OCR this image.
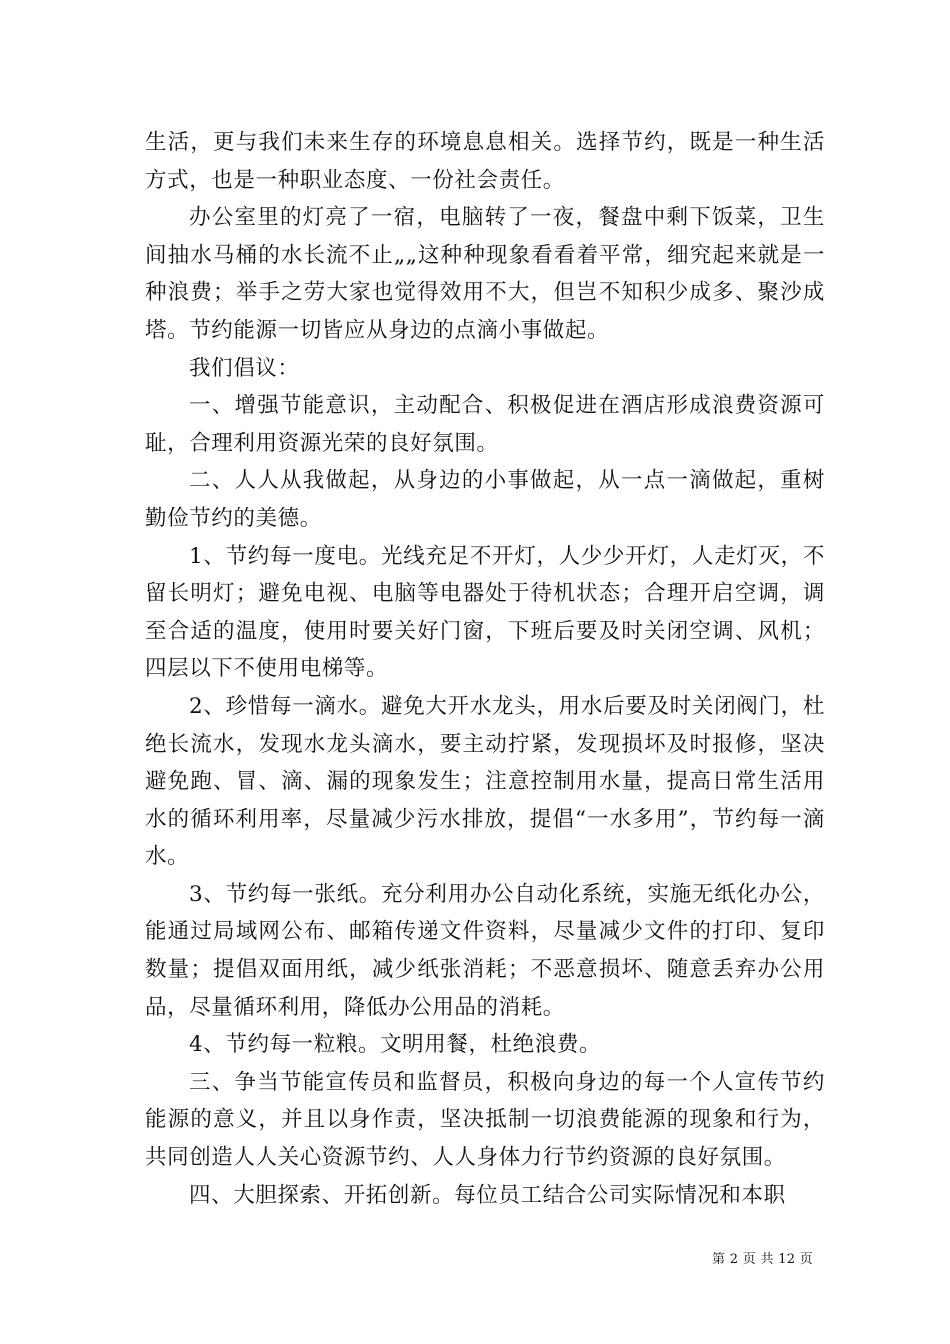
生活，更与我们未来生存的环境息息相关。选择节约，既是一种生活方式，也是一种职业态度、一份社会责任。

办公室里的灯亮了一宿，电脑转了一夜，餐盘中剩下饭菜，卫生间抽水马桶的水长流不止„„这种种现象看看着平常，细究起来就是一种浪费；举手之劳大家也觉得效用不大，但岂不知积少成多、聚沙成塔。节约能源一切皆应从身边的点滴小事做起。

我们倡议：

一、增强节能意识，主动配合、积极促进在酒店形成浪费资源可耻，合理利用资源光荣的良好氛围。

二、人人从我做起，从身边的小事做起，从一点一滴做起，重树勤俭节约的美德。

1、节约每一度电。光线充足不开灯，人少少开灯，人走灯灭，不留长明灯；避免电视、电脑等电器处于待机状态；合理开启空调，调至合适的温度，使用时要关好门窗，下班后要及时关闭空调、风机；四层以下不使用电梯等。

2、珍惜每一滴水。避免大开水龙头，用水后要及时关闭阀门，杜绝长流水，发现水龙头滴水，要主动拧紧，发现损坏及时报修，坚决避免跑、冒、滴、漏的现象发生；注意控制用水量，提高日常生活用水的循环利用率，尽量减少污水排放，提倡“一水多用”，节约每一滴水。

3、节约每一张纸。充分利用办公自动化系统，实施无纸化办公，能通过局域网公布、邮箱传递文件资料，尽量减少文件的打印、复印数量；提倡双面用纸，减少纸张消耗；不恶意损坏、随意丢弃办公用品，尽量循环利用，降低办公用品的消耗。

4、节约每一粒粮。文明用餐，杜绝浪费。

三、争当节能宣传员和监督员，积极向身边的每一个人宣传节约能源的意义，并且以身作责，坚决抵制一切浪费能源的现象和行为，共同创造人人关心资源节约、人人身体力行节约资源的良好氛围。

四、大胆探索、开拓创新。每位员工结合公司实际情况和本职

第 2 页 共 12 页
